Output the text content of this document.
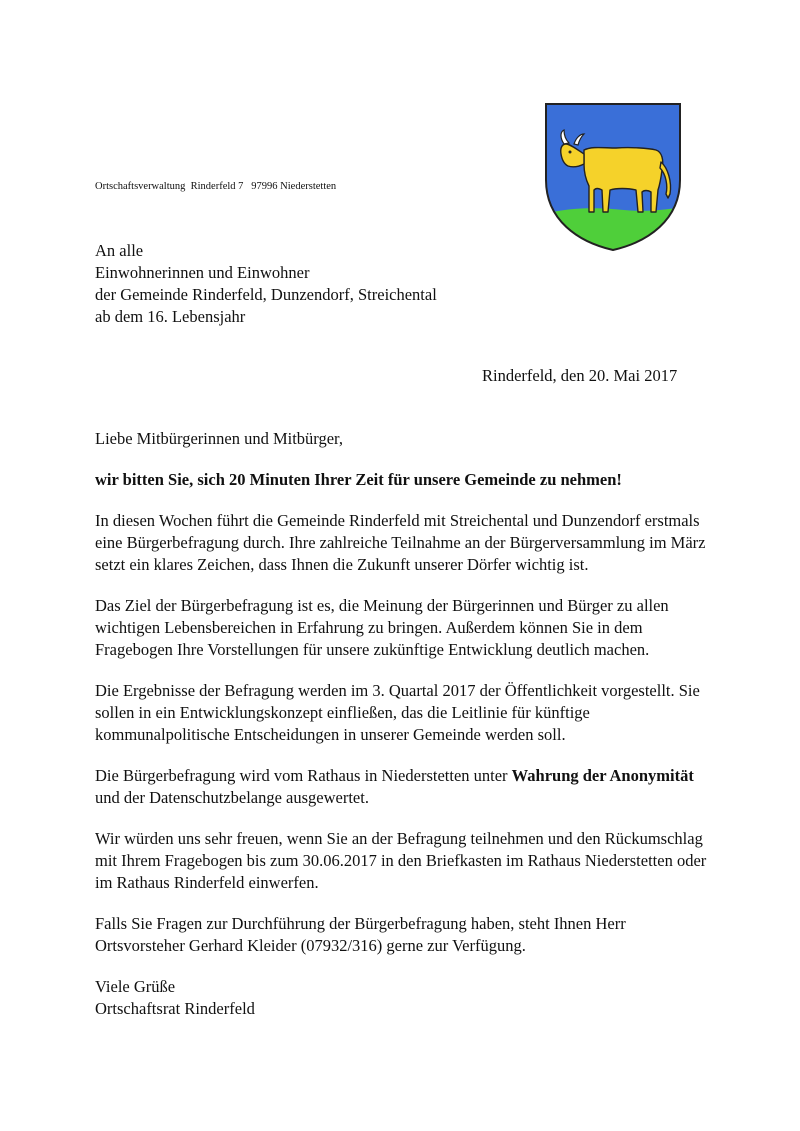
Ortschaftsverwaltung  Rinderfeld 7   97996 Niederstetten
An alle
Einwohnerinnen und Einwohner
der Gemeinde Rinderfeld, Dunzendorf, Streichental
ab dem 16. Lebensjahr
Rinderfeld, den 20. Mai 2017

Liebe Mitbürgerinnen und Mitbürger,

wir bitten Sie, sich 20 Minuten Ihrer Zeit für unsere Gemeinde zu nehmen!

In diesen Wochen führt die Gemeinde Rinderfeld mit Streichental und Dunzendorf erstmals
eine Bürgerbefragung durch. Ihre zahlreiche Teilnahme an der Bürgerversammlung im März
setzt ein klares Zeichen, dass Ihnen die Zukunft unserer Dörfer wichtig ist.

Das Ziel der Bürgerbefragung ist es, die Meinung der Bürgerinnen und Bürger zu allen
wichtigen Lebensbereichen in Erfahrung zu bringen. Außerdem können Sie in dem
Fragebogen Ihre Vorstellungen für unsere zukünftige Entwicklung deutlich machen.

Die Ergebnisse der Befragung werden im 3. Quartal 2017 der Öffentlichkeit vorgestellt. Sie
sollen in ein Entwicklungskonzept einfließen, das die Leitlinie für künftige
kommunalpolitische Entscheidungen in unserer Gemeinde werden soll.

Die Bürgerbefragung wird vom Rathaus in Niederstetten unter Wahrung der Anonymität
und der Datenschutzbelange ausgewertet.

Wir würden uns sehr freuen, wenn Sie an der Befragung teilnehmen und den Rückumschlag
mit Ihrem Fragebogen bis zum 30.06.2017 in den Briefkasten im Rathaus Niederstetten oder
im Rathaus Rinderfeld einwerfen.

Falls Sie Fragen zur Durchführung der Bürgerbefragung haben, steht Ihnen Herr
Ortsvorsteher Gerhard Kleider (07932/316) gerne zur Verfügung.

Viele Grüße
Ortschaftsrat Rinderfeld
